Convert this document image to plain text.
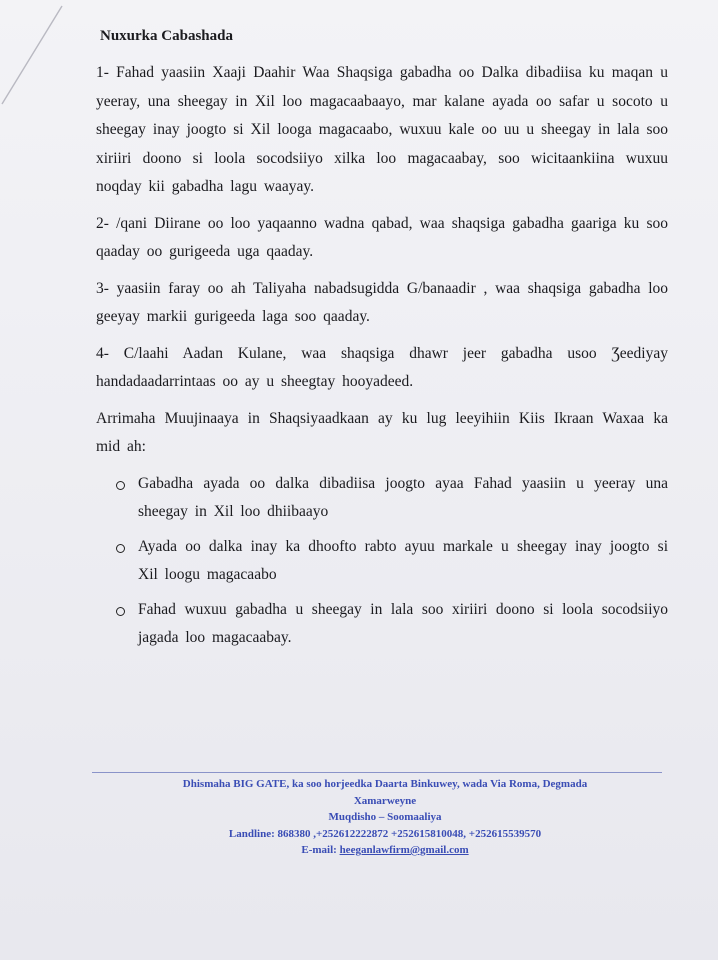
Nuxurka Cabashada

1- Fahad yaasiin Xaaji Daahir Waa Shaqsiga gabadha oo Dalka dibadiisa ku maqan u yeeray, una sheegay in Xil loo magacaabaayo, mar kalane ayada oo safar u socoto u sheegay inay joogto si Xil looga magacaabo, wuxuu kale oo uu u sheegay in lala soo xiriiri doono si loola socodsiiyo xilka loo magacaabay, soo wicitaankiina wuxuu noqday kii gabadha lagu waayay.

2- /qani Diirane oo loo yaqaanno wadna qabad, waa shaqsiga gabadha gaariga ku soo qaaday oo gurigeeda uga qaaday.

3- yaasiin faray oo ah Taliyaha nabadsugidda G/banaadir , waa shaqsiga gabadha loo geeyay markii gurigeeda laga soo qaaday.

4- C/laahi Aadan Kulane, waa shaqsiga dhawr jeer gabadha usoo Ʒeediyay handadaadarrintaas oo ay u sheegtay hooyadeed.

Arrimaha Muujinaaya in Shaqsiyaadkaan ay ku lug leeyihiin Kiis Ikraan Waxaa ka mid ah:

Gabadha ayada oo dalka dibadiisa joogto ayaa Fahad yaasiin u yeeray una sheegay in Xil loo dhiibaayo
Ayada oo dalka inay ka dhoofto rabto ayuu markale u sheegay inay joogto si Xil loogu magacaabo
Fahad wuxuu gabadha u sheegay in lala soo xiriiri doono si loola socodsiiyo jagada loo magacaabay.
Dhismaha BIG GATE, ka soo horjeedka Daarta Binkuwey, wada Via Roma, Degmada
Xamarweyne
Muqdisho – Soomaaliya
Landline: 868380 ,+252612222872 +252615810048, +252615539570
E-mail: heeganlawfirm@gmail.com
